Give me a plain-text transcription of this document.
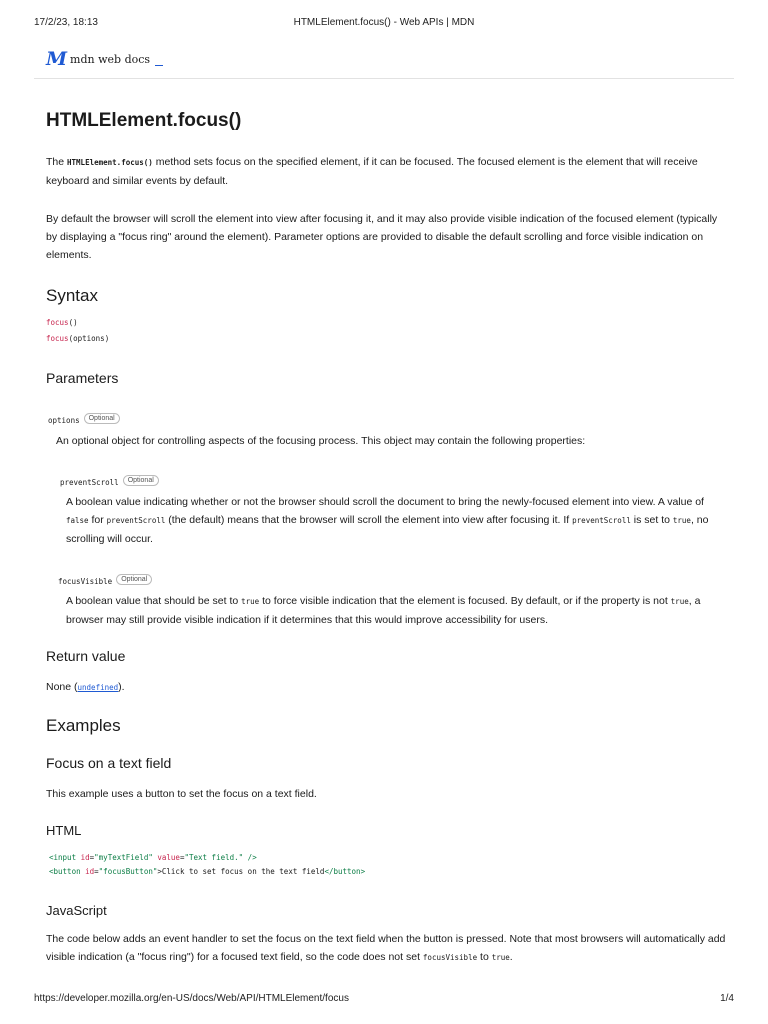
17/2/23, 18:13	HTMLElement.focus() - Web APIs | MDN
M mdn web docs
HTMLElement.focus()

The HTMLElement.focus() method sets focus on the specified element, if it can be focused. The focused element is the element that will receive keyboard and similar events by default.

By default the browser will scroll the element into view after focusing it, and it may also provide visible indication of the focused element (typically by displaying a "focus ring" around the element). Parameter options are provided to disable the default scrolling and force visible indication on elements.

Syntax
focus()
focus(options)
Parameters
options Optional

An optional object for controlling aspects of the focusing process. This object may contain the following properties:

preventScroll Optional

A boolean value indicating whether or not the browser should scroll the document to bring the newly-focused element into view. A value of false for preventScroll (the default) means that the browser will scroll the element into view after focusing it. If preventScroll is set to true, no scrolling will occur.

focusVisible Optional

A boolean value that should be set to true to force visible indication that the element is focused. By default, or if the property is not true, a browser may still provide visible indication if it determines that this would improve accessibility for users.

Return value

None (undefined).

Examples
Focus on a text field

This example uses a button to set the focus on a text field.

HTML
<input id="myTextField" value="Text field." />
<button id="focusButton">Click to set focus on the text field</button>
JavaScript

The code below adds an event handler to set the focus on the text field when the button is pressed. Note that most browsers will automatically add visible indication (a "focus ring") for a focused text field, so the code does not set focusVisible to true.

https://developer.mozilla.org/en-US/docs/Web/API/HTMLElement/focus	1/4
